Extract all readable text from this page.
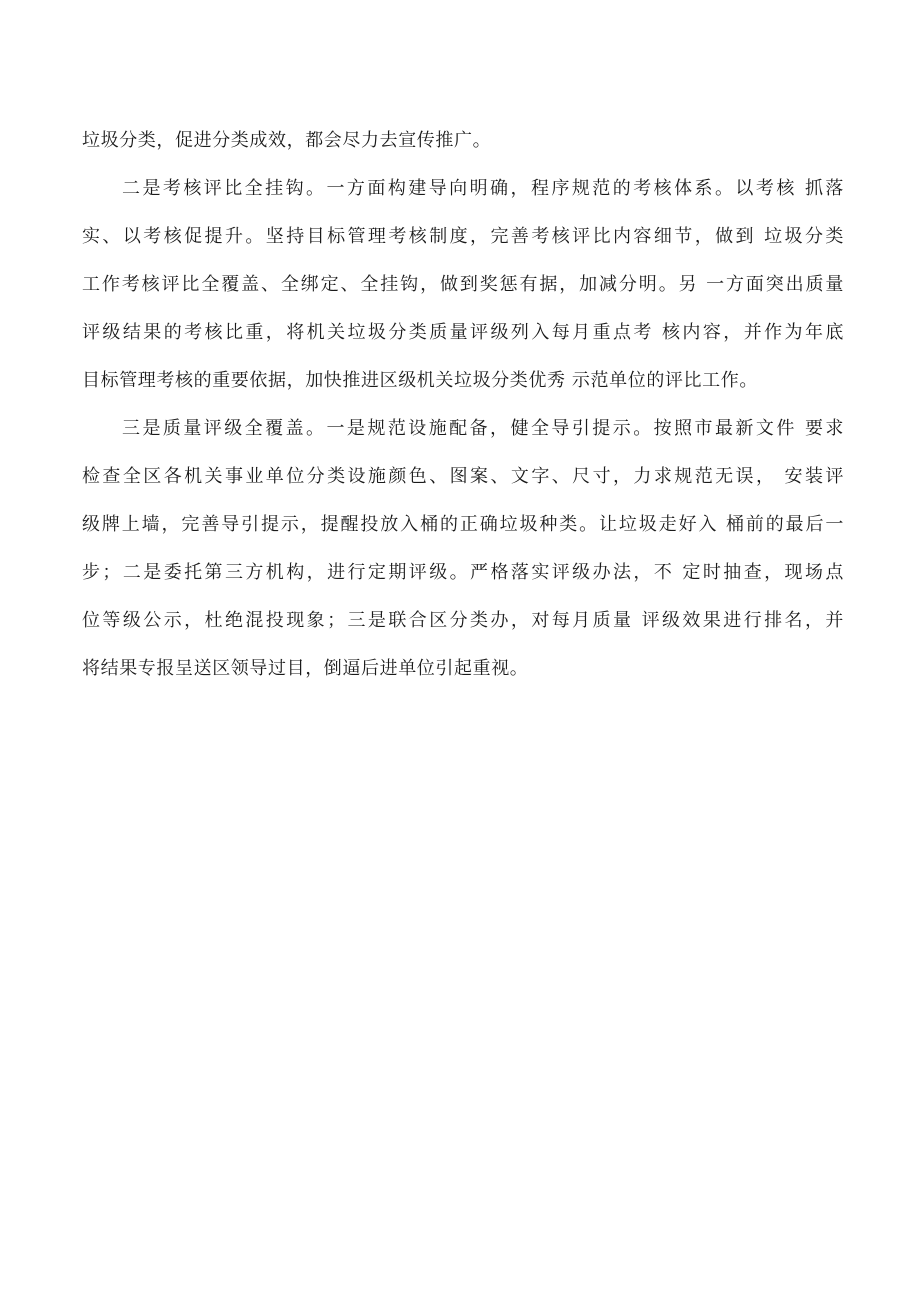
垃圾分类，促进分类成效，都会尽力去宣传推广。
二是考核评比全挂钩。一方面构建导向明确，程序规范的考核体系。以考核 抓落
实、以考核促提升。坚持目标管理考核制度，完善考核评比内容细节，做到 垃圾分类
工作考核评比全覆盖、全绑定、全挂钩，做到奖惩有据，加减分明。另 一方面突出质量
评级结果的考核比重，将机关垃圾分类质量评级列入每月重点考 核内容，并作为年底
目标管理考核的重要依据，加快推进区级机关垃圾分类优秀 示范单位的评比工作。
三是质量评级全覆盖。一是规范设施配备，健全导引提示。按照市最新文件 要求
检查全区各机关事业单位分类设施颜色、图案、文字、尺寸，力求规范无误， 安装评
级牌上墙，完善导引提示，提醒投放入桶的正确垃圾种类。让垃圾走好入 桶前的最后一
步；二是委托第三方机构，进行定期评级。严格落实评级办法，不 定时抽查，现场点
位等级公示，杜绝混投现象；三是联合区分类办，对每月质量 评级效果进行排名，并
将结果专报呈送区领导过目，倒逼后进单位引起重视。
